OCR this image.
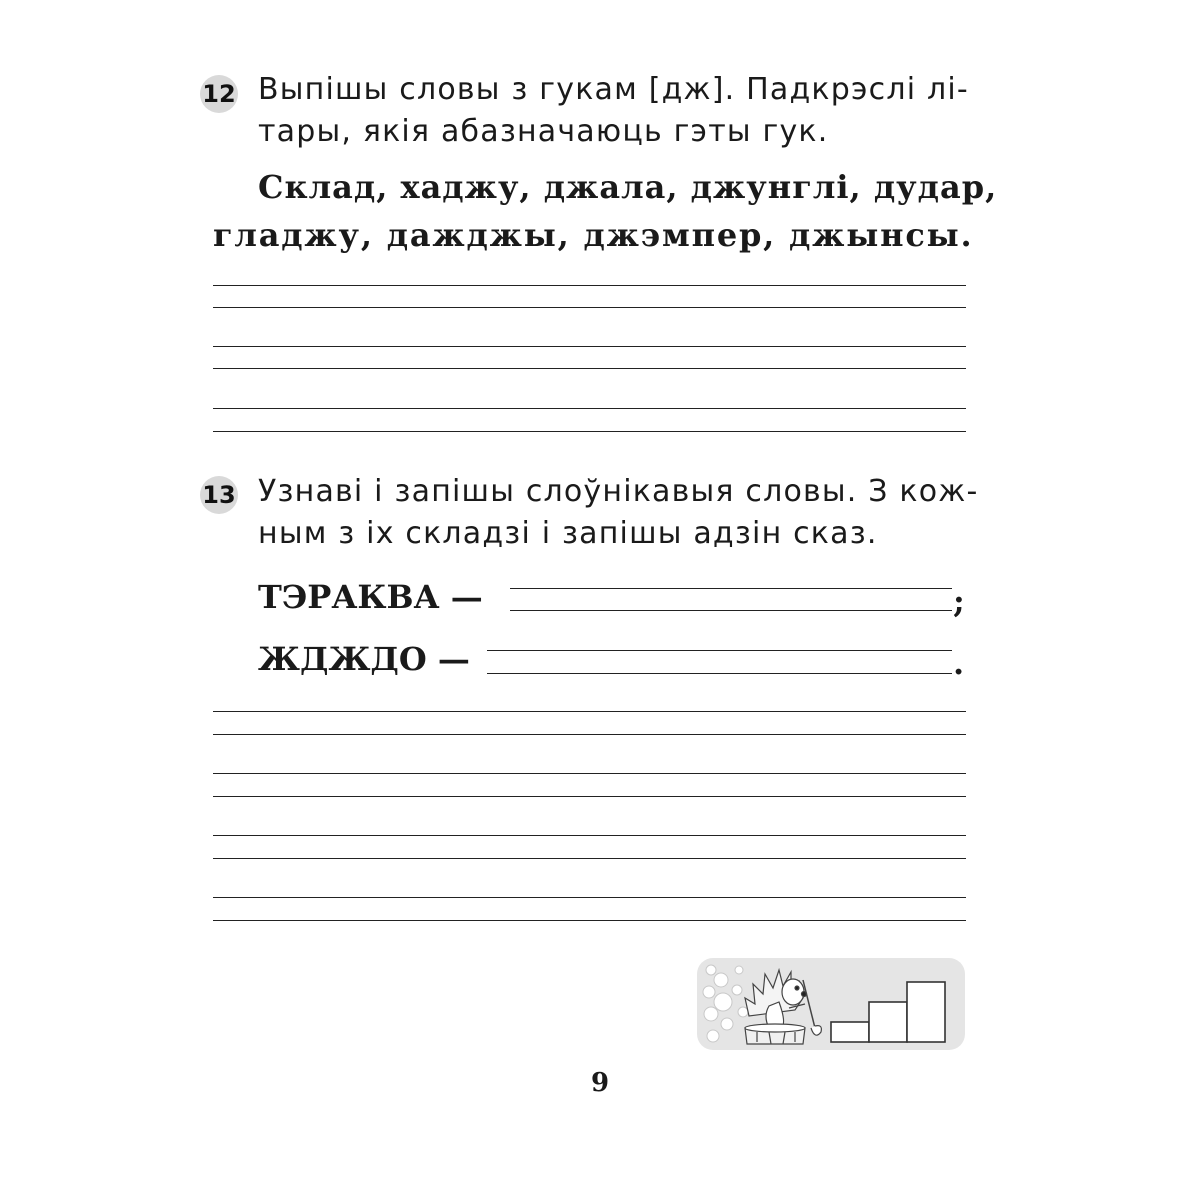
12 Выпішы словы з гукам [дж]. Падкрэслі лі-
тары, якія абазначаюць гэты гук.
Склад, хаджу, джала, джунглі, дудар,
гладжу, дажджы, джэмпер, джынсы.
13 Узнаві і запішы слоўнікавыя словы. З кож-
ным з іх складзі і запішы адзін сказ.
ТЭРАКВА —	;
ЖДЖДО —	.
9
